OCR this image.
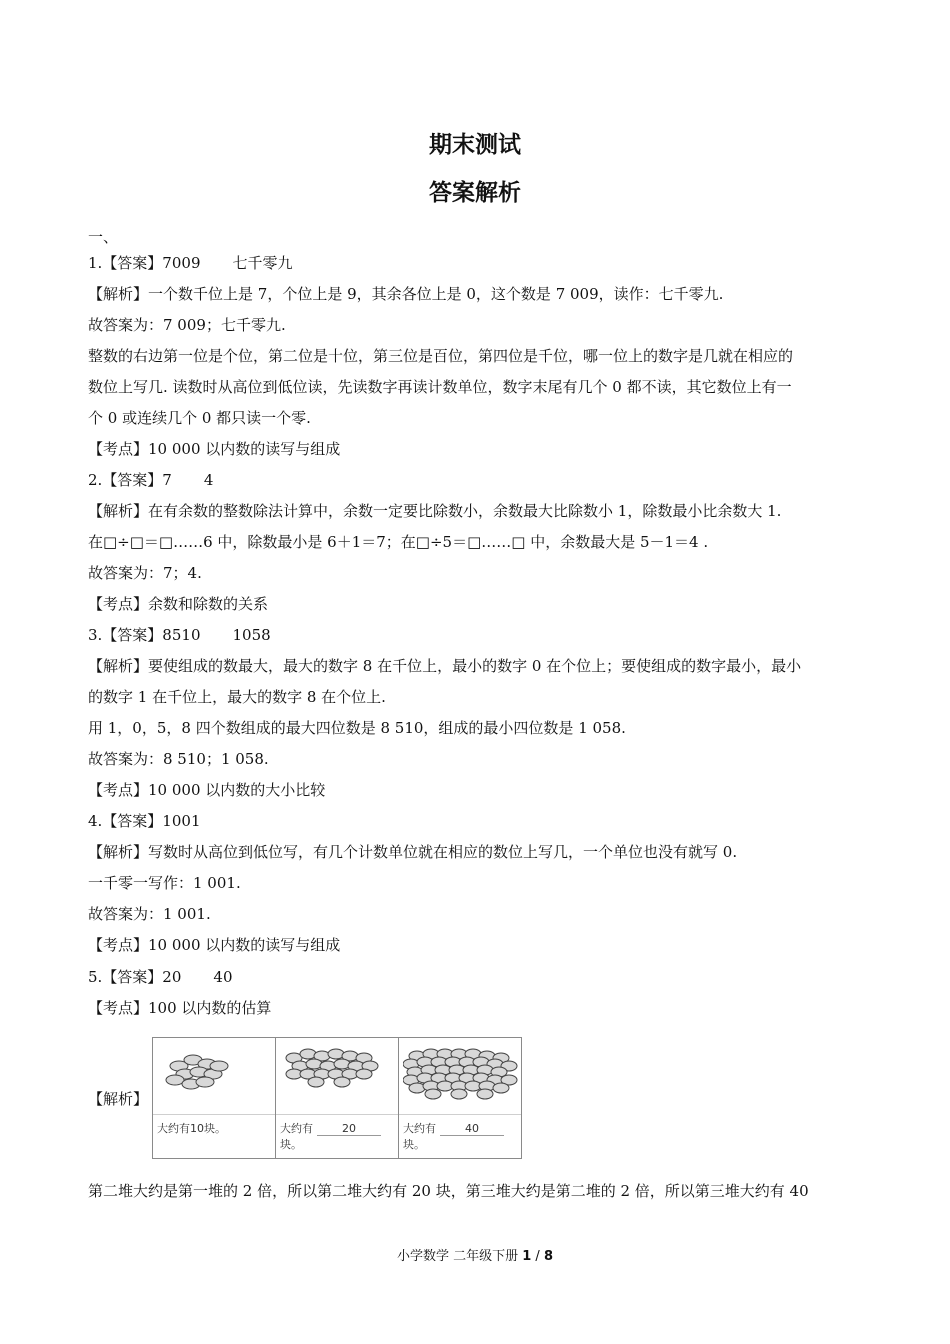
期末测试
答案解析
一、
1.【答案】7009 七千零九
【解析】一个数千位上是 7，个位上是 9，其余各位上是 0，这个数是 7 009，读作：七千零九.
故答案为：7 009；七千零九.
整数的右边第一位是个位，第二位是十位，第三位是百位，第四位是千位，哪一位上的数字是几就在相应的
数位上写几. 读数时从高位到低位读，先读数字再读计数单位，数字末尾有几个 0 都不读，其它数位上有一
个 0 或连续几个 0 都只读一个零.
【考点】10 000 以内数的读写与组成
2.【答案】7 4
【解析】在有余数的整数除法计算中，余数一定要比除数小，余数最大比除数小 1，除数最小比余数大 1.
在□÷□＝□……6 中，除数最小是 6＋1＝7；在□÷5＝□……□ 中，余数最大是 5－1＝4 .
故答案为：7；4.
【考点】余数和除数的关系
3.【答案】8510 1058
【解析】要使组成的数最大，最大的数字 8 在千位上，最小的数字 0 在个位上；要使组成的数字最小，最小
的数字 1 在千位上，最大的数字 8 在个位上.
用 1，0，5，8 四个数组成的最大四位数是 8 510，组成的最小四位数是 1 058.
故答案为：8 510；1 058.
【考点】10 000 以内数的大小比较
4.【答案】1001
【解析】写数时从高位到低位写，有几个计数单位就在相应的数位上写几，一个单位也没有就写 0.
一千零一写作：1 001.
故答案为：1 001.
【考点】10 000 以内数的读写与组成
5.【答案】20 40
【考点】100 以内数的估算
【解析】
大约有10块。	大约有	20
块。
大约有	40块。
第二堆大约是第一堆的 2 倍，所以第二堆大约有 20 块，第三堆大约是第二堆的 2 倍，所以第三堆大约有 40
小学数学 二年级下册 1 / 8
